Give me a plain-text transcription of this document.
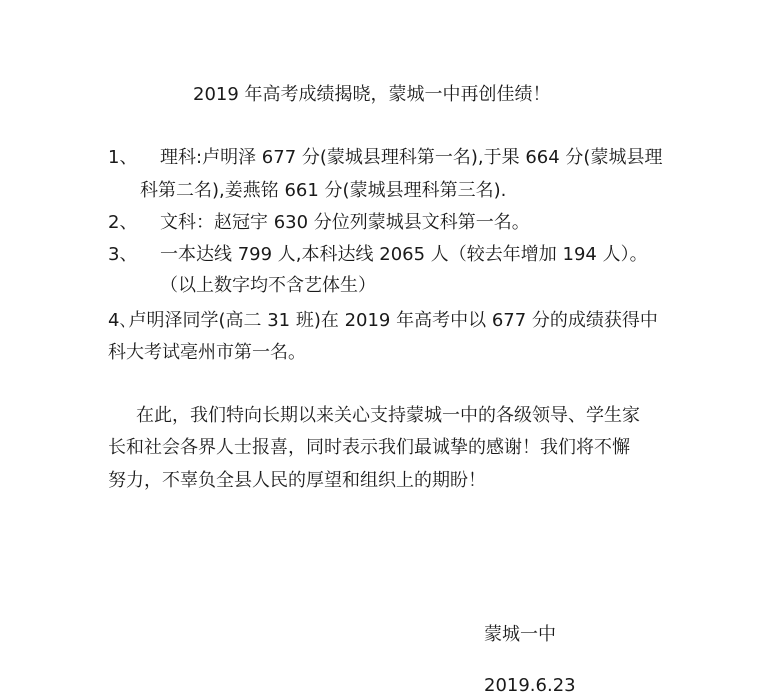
2019 年高考成绩揭晓，蒙城一中再创佳绩！
1、 理科:卢明泽 677 分(蒙城县理科第一名),于果 664 分(蒙城县理
科第二名),姜燕铭 661 分(蒙城县理科第三名).
2、 文科：赵冠宇 630 分位列蒙城县文科第一名。
3、 一本达线 799 人,本科达线 2065 人（较去年增加 194 人）。
（以上数字均不含艺体生）
4､卢明泽同学(高二 31 班)在 2019 年高考中以 677 分的成绩获得中
科大考试亳州市第一名。
在此，我们特向长期以来关心支持蒙城一中的各级领导、学生家
长和社会各界人士报喜，同时表示我们最诚挚的感谢！我们将不懈
努力，不辜负全县人民的厚望和组织上的期盼！
蒙城一中
2019.6.23
